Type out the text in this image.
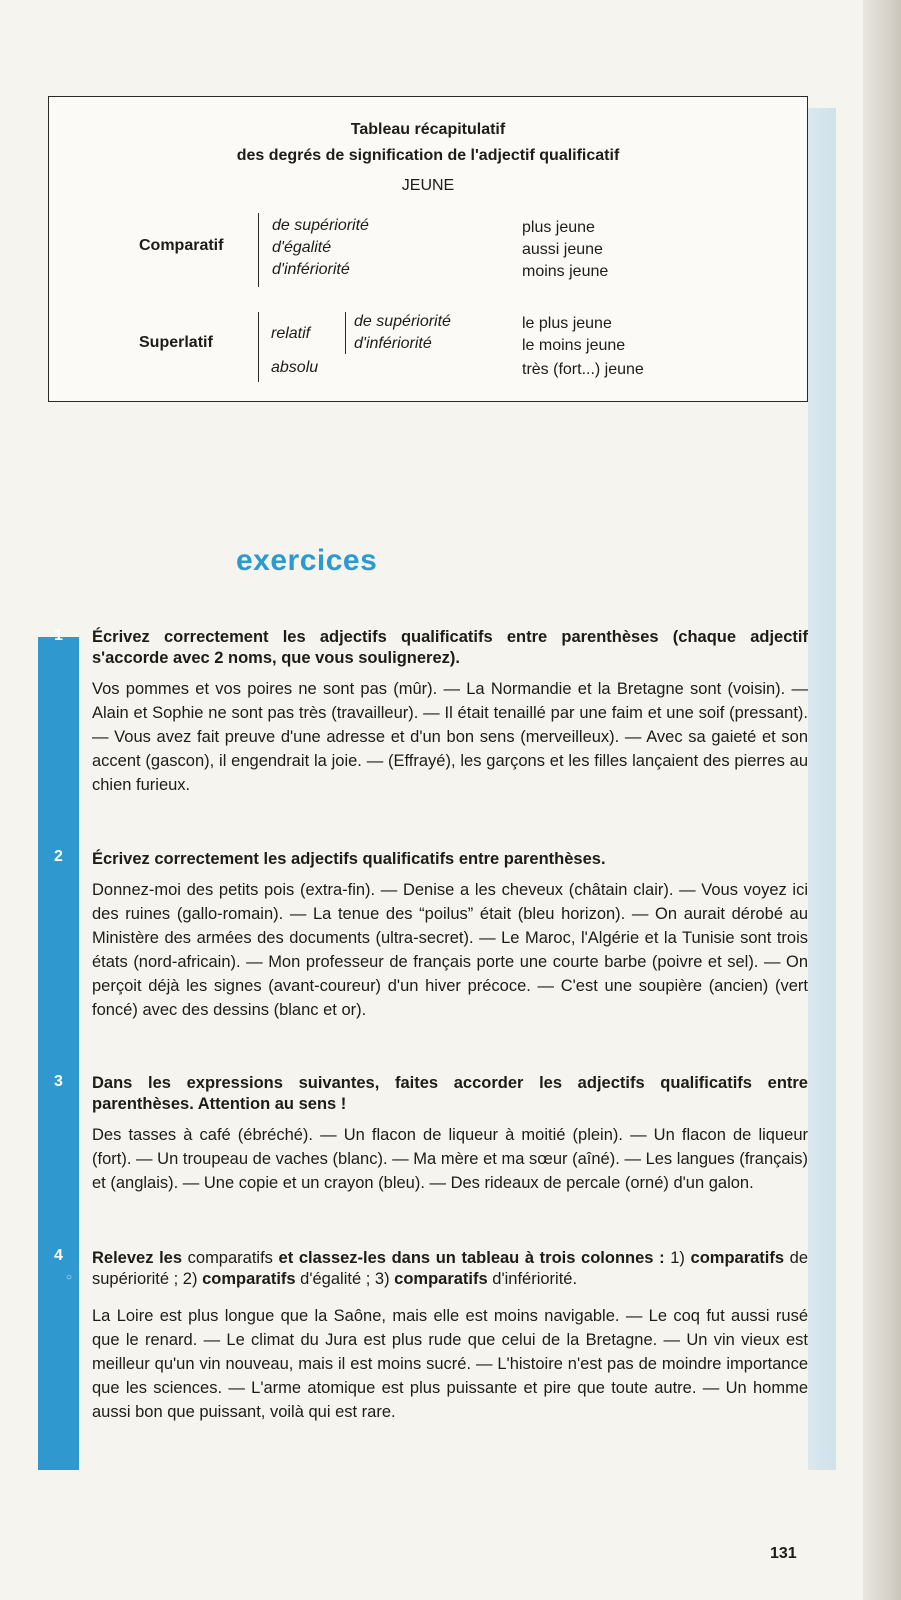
Tableau récapitulatif
des degrés de signification de l'adjectif qualificatif
JEUNE
Comparatif
de supériorité
d'égalité
d'infériorité
plus jeune
aussi jeune
moins jeune
Superlatif
relatif
de supériorité
d'infériorité
le plus jeune
le moins jeune
absolu	très (fort...) jeune
exercices
1
2
3
4
○

Écrivez correctement les adjectifs qualificatifs entre parenthèses (chaque adjectif s'accorde avec 2 noms, que vous soulignerez).

Vos pommes et vos poires ne sont pas (mûr). — La Normandie et la Bretagne sont (voisin). — Alain et Sophie ne sont pas très (travailleur). — Il était tenaillé par une faim et une soif (pressant). — Vous avez fait preuve d'une adresse et d'un bon sens (merveilleux). — Avec sa gaieté et son accent (gascon), il engendrait la joie. — (Effrayé), les garçons et les filles lançaient des pierres au chien furieux.

Écrivez correctement les adjectifs qualificatifs entre parenthèses.

Donnez-moi des petits pois (extra-fin). — Denise a les cheveux (châtain clair). — Vous voyez ici des ruines (gallo-romain). — La tenue des “poilus” était (bleu horizon). — On aurait dérobé au Ministère des armées des documents (ultra-secret). — Le Maroc, l'Algérie et la Tunisie sont trois états (nord-africain). — Mon professeur de français porte une courte barbe (poivre et sel). — On perçoit déjà les signes (avant-coureur) d'un hiver précoce. — C'est une soupière (ancien) (vert foncé) avec des dessins (blanc et or).

Dans les expressions suivantes, faites accorder les adjectifs qualificatifs entre parenthèses. Attention au sens !

Des tasses à café (ébréché). — Un flacon de liqueur à moitié (plein). — Un flacon de liqueur (fort). — Un troupeau de vaches (blanc). — Ma mère et ma sœur (aîné). — Les langues (français) et (anglais). — Une copie et un crayon (bleu). — Des rideaux de percale (orné) d'un galon.

Relevez les comparatifs et classez-les dans un tableau à trois colonnes : 1) comparatifs de supériorité ; 2) comparatifs d'égalité ; 3) comparatifs d'infériorité.

La Loire est plus longue que la Saône, mais elle est moins navigable. — Le coq fut aussi rusé que le renard. — Le climat du Jura est plus rude que celui de la Bretagne. — Un vin vieux est meilleur qu'un vin nouveau, mais il est moins sucré. — L'histoire n'est pas de moindre importance que les sciences. — L'arme atomique est plus puissante et pire que toute autre. — Un homme aussi bon que puissant, voilà qui est rare.

131
